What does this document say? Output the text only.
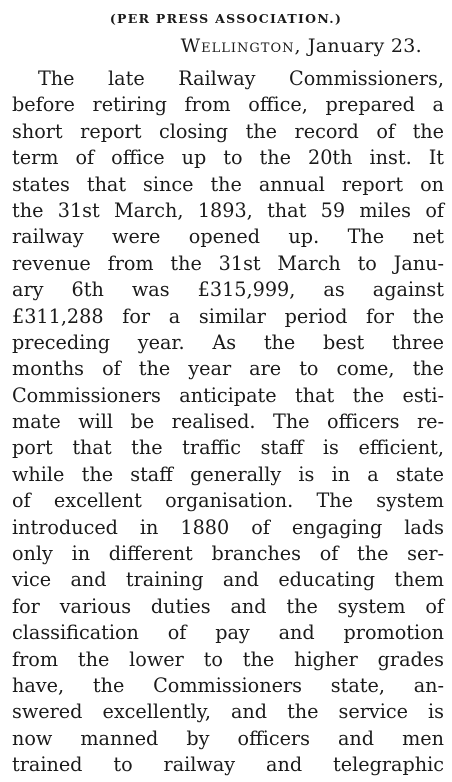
(PER PRESS ASSOCIATION.)
Wellington, January 23.
The late Railway Commissioners,
before retiring from office, prepared a
short report closing the record of the
term of office up to the 20th inst. It
states that since the annual report on
the 31st March, 1893, that 59 miles of
railway were opened up. The net
revenue from the 31st March to Janu-
ary 6th was £315,999, as against
£311,288 for a similar period for the
preceding year. As the best three
months of the year are to come, the
Commissioners anticipate that the esti-
mate will be realised. The officers re-
port that the traffic staff is efficient,
while the staff generally is in a state
of excellent organisation. The system
introduced in 1880 of engaging lads
only in different branches of the ser-
vice and training and educating them
for various duties and the system of
classification of pay and promotion
from the lower to the higher grades
have, the Commissioners state, an-
swered excellently, and the service is
now manned by officers and men
trained to railway and telegraphic
